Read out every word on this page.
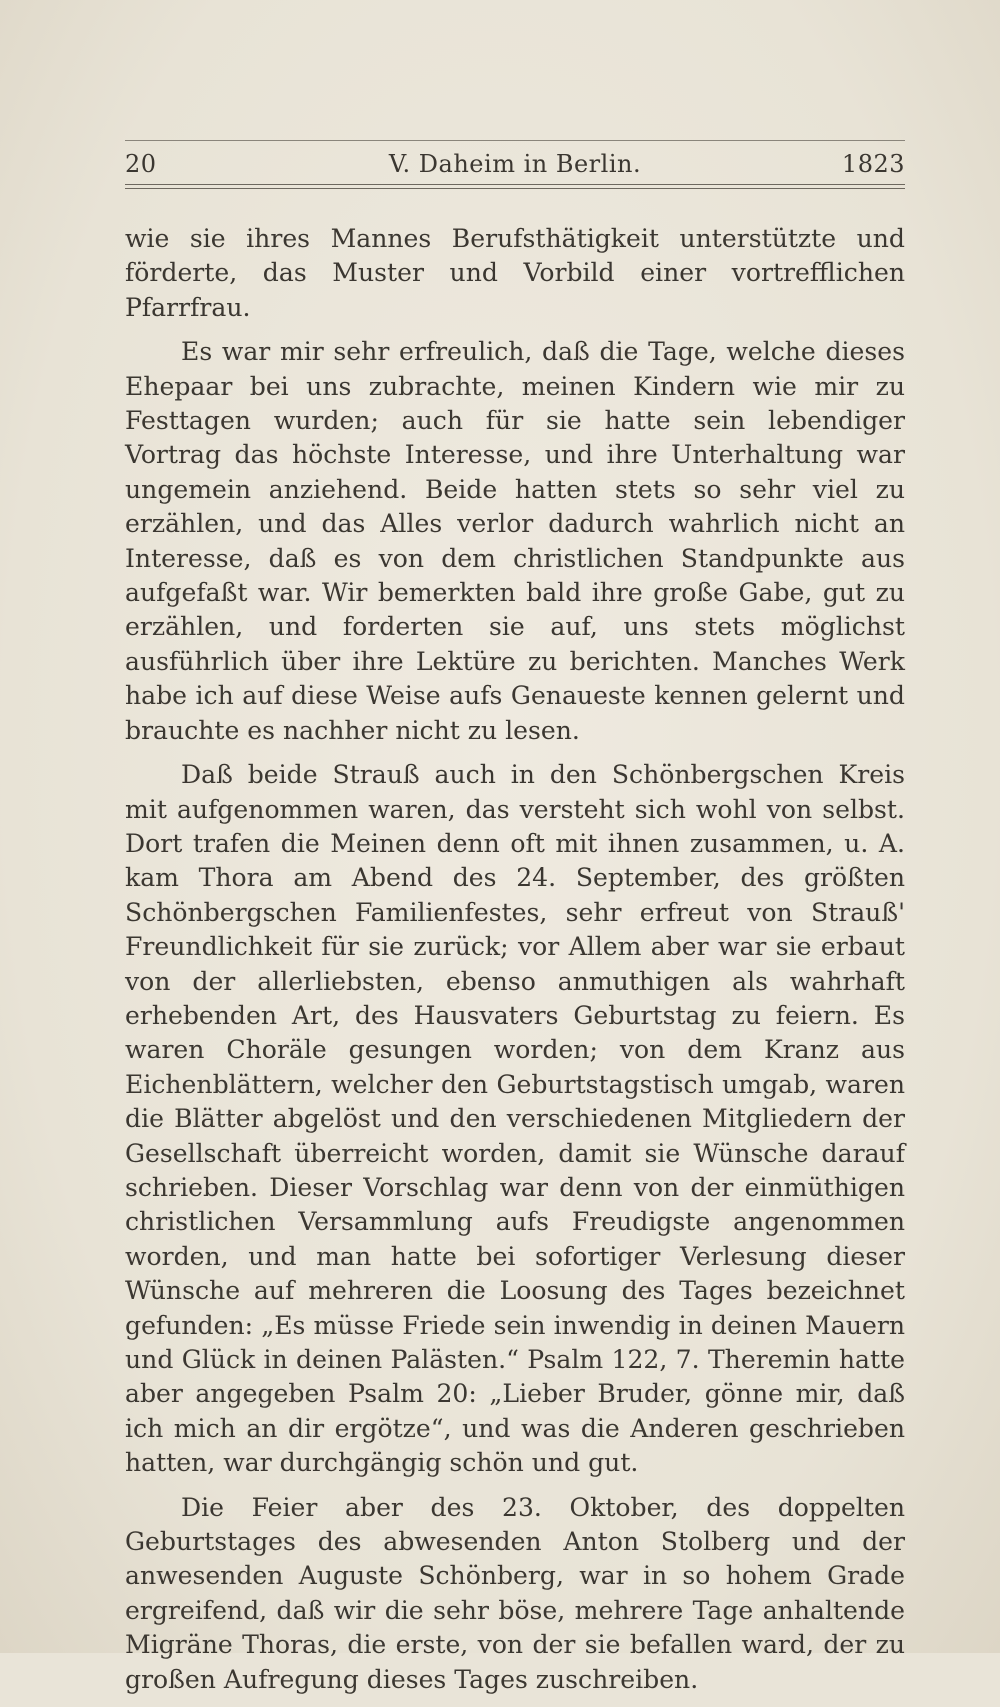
20	V. Daheim in Berlin.	1823

wie sie ihres Mannes Berufsthätigkeit unterstützte und förderte, das Muster und Vorbild einer vortrefflichen Pfarrfrau.

Es war mir sehr erfreulich, daß die Tage, welche dieses Ehepaar bei uns zubrachte, meinen Kindern wie mir zu Festtagen wurden; auch für sie hatte sein lebendiger Vortrag das höchste Interesse, und ihre Unterhaltung war ungemein anziehend. Beide hatten stets so sehr viel zu erzählen, und das Alles verlor dadurch wahrlich nicht an Interesse, daß es von dem christlichen Standpunkte aus aufgefaßt war. Wir bemerkten bald ihre große Gabe, gut zu erzählen, und forderten sie auf, uns stets möglichst ausführlich über ihre Lektüre zu berichten. Manches Werk habe ich auf diese Weise aufs Genaueste kennen gelernt und brauchte es nachher nicht zu lesen.

Daß beide Strauß auch in den Schönbergschen Kreis mit aufgenommen waren, das versteht sich wohl von selbst. Dort trafen die Meinen denn oft mit ihnen zusammen, u. A. kam Thora am Abend des 24. September, des größten Schönbergschen Familienfestes, sehr erfreut von Strauß' Freundlichkeit für sie zurück; vor Allem aber war sie erbaut von der allerliebsten, ebenso anmuthigen als wahrhaft erhebenden Art, des Hausvaters Geburtstag zu feiern. Es waren Choräle gesungen worden; von dem Kranz aus Eichenblättern, welcher den Geburtstagstisch umgab, waren die Blätter abgelöst und den verschiedenen Mitgliedern der Gesellschaft überreicht worden, damit sie Wünsche darauf schrieben. Dieser Vorschlag war denn von der einmüthigen christlichen Versammlung aufs Freudigste angenommen worden, und man hatte bei sofortiger Verlesung dieser Wünsche auf mehreren die Loosung des Tages bezeichnet gefunden: „Es müsse Friede sein inwendig in deinen Mauern und Glück in deinen Palästen.“ Psalm 122, 7. Theremin hatte aber angegeben Psalm 20: „Lieber Bruder, gönne mir, daß ich mich an dir ergötze“, und was die Anderen geschrieben hatten, war durchgängig schön und gut.

Die Feier aber des 23. Oktober, des doppelten Geburtstages des abwesenden Anton Stolberg und der anwesenden Auguste Schönberg, war in so hohem Grade ergreifend, daß wir die sehr böse, mehrere Tage anhaltende Migräne Thoras, die erste, von der sie befallen ward, der zu großen Aufregung dieses Tages zuschreiben.
